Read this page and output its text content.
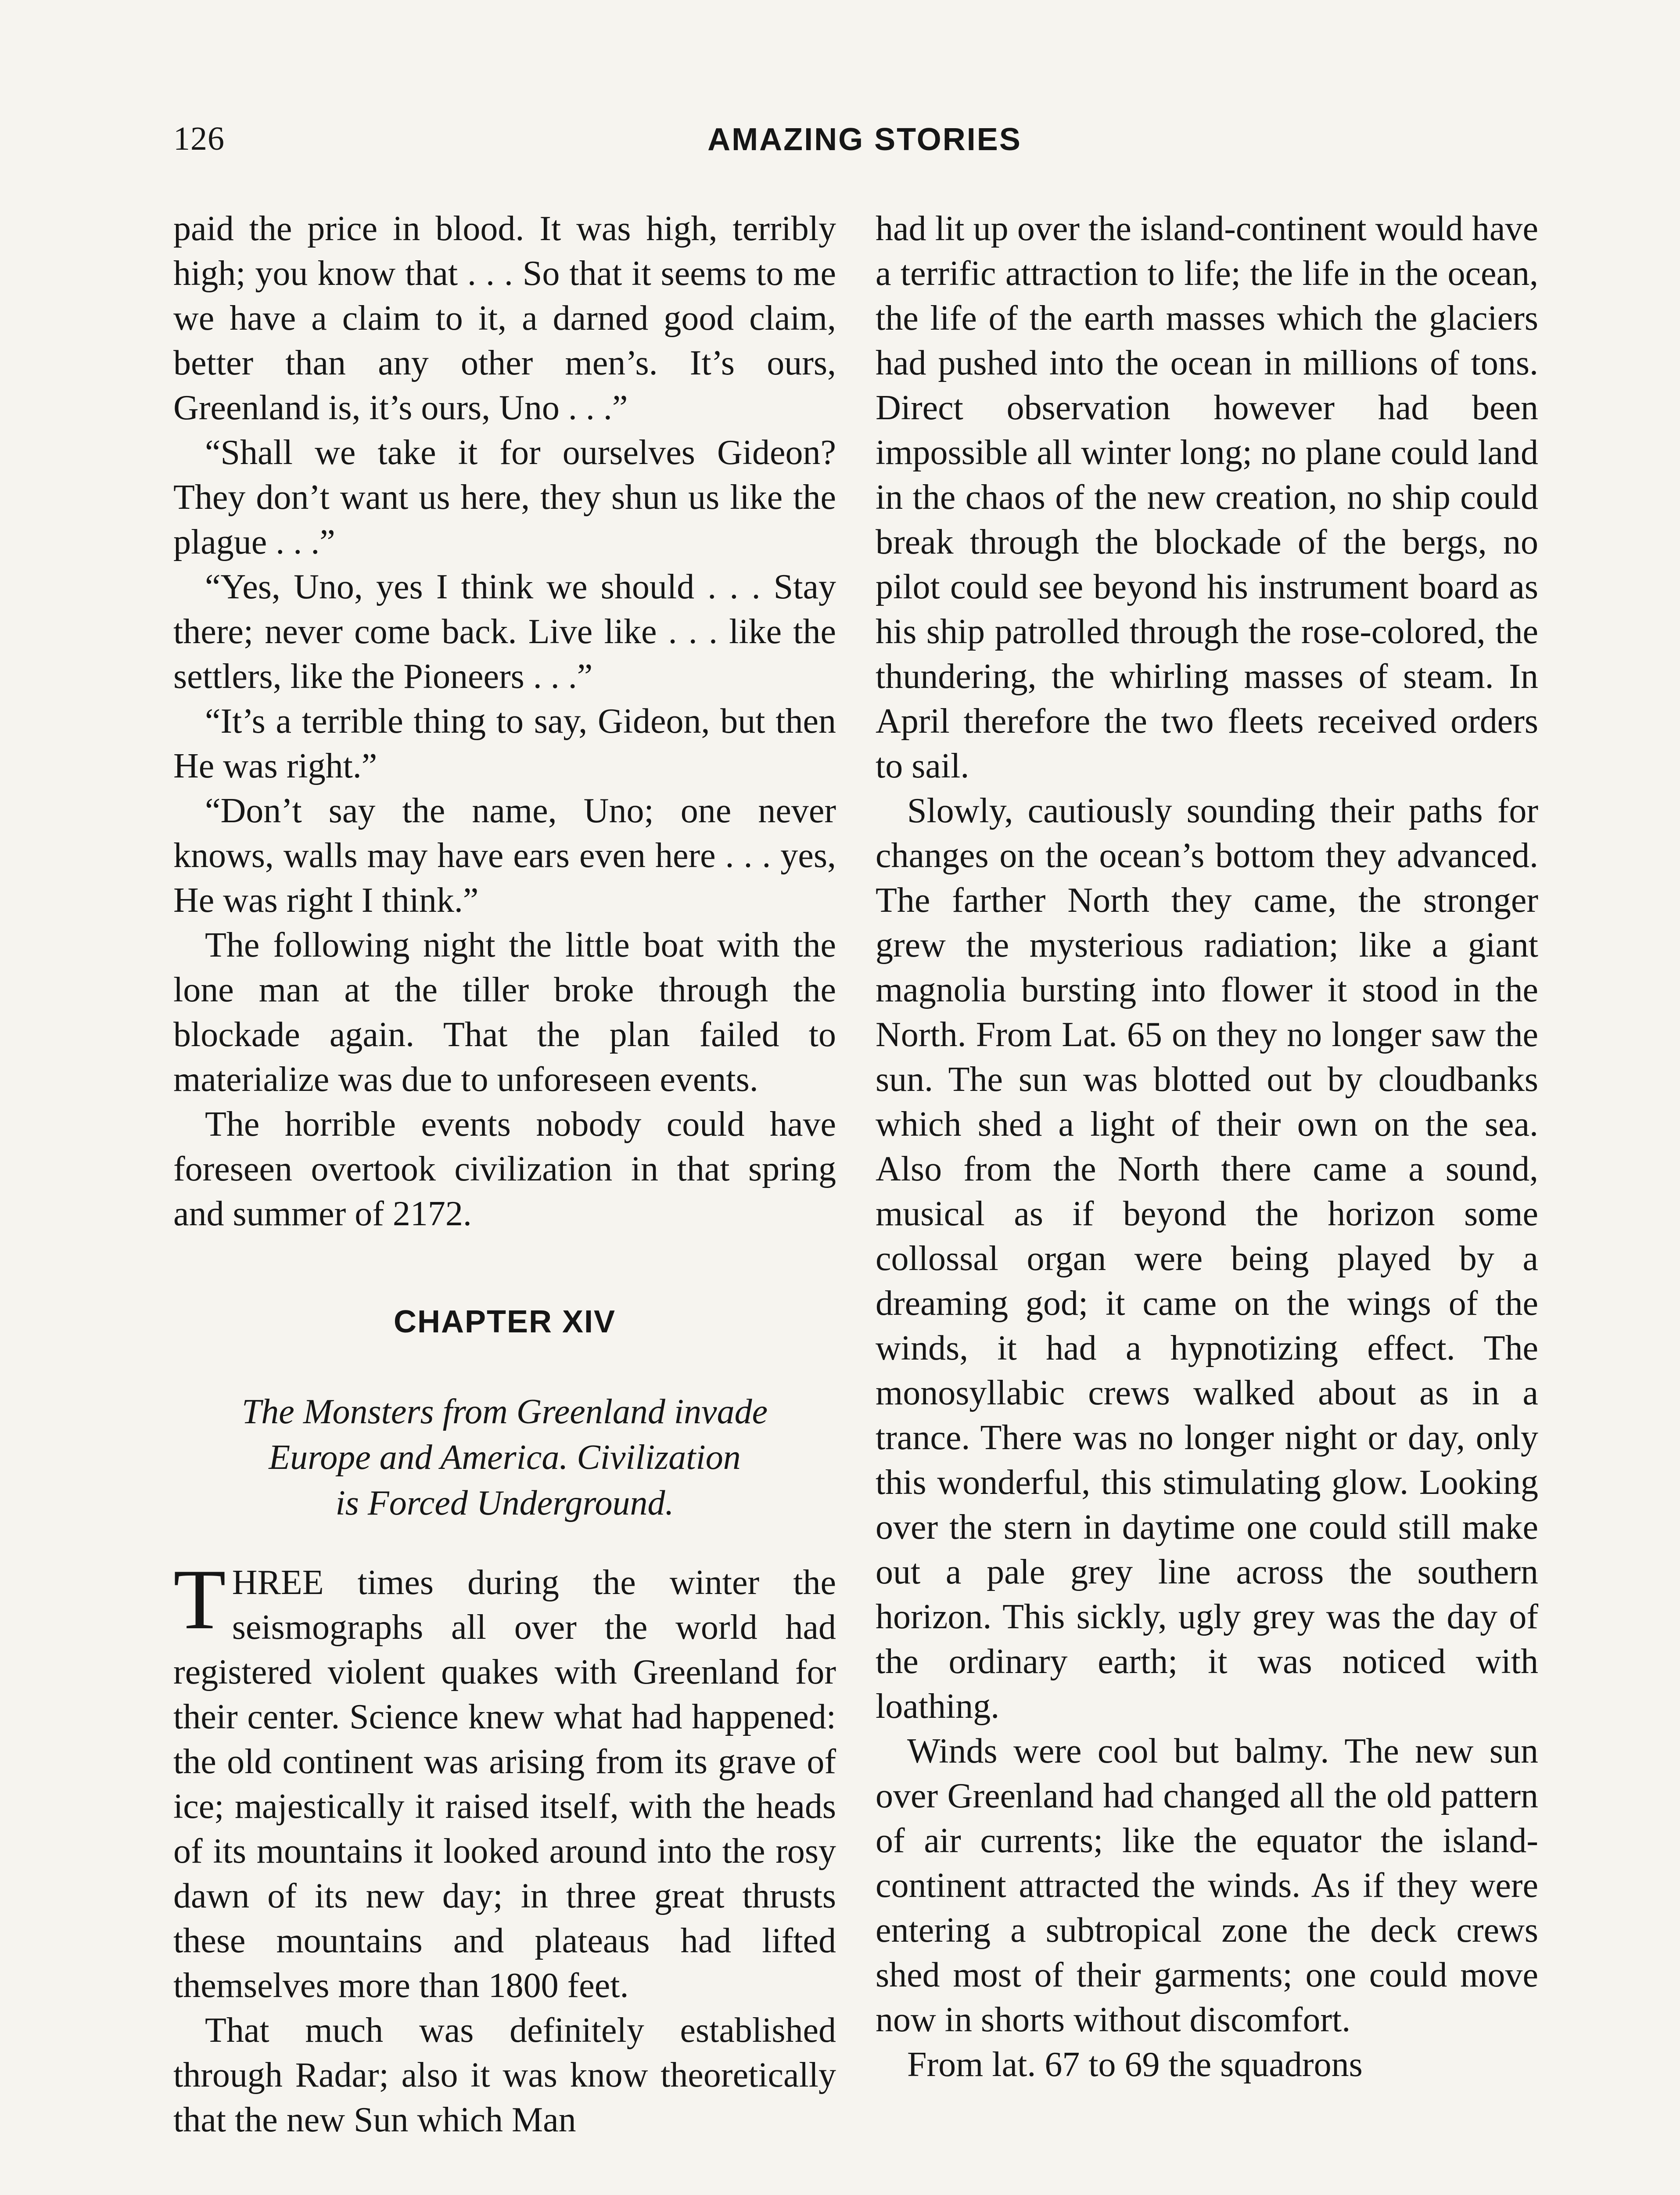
126	AMAZING STORIES

paid the price in blood. It was high, terribly high; you know that . . . So that it seems to me we have a claim to it, a darned good claim, better than any other men’s. It’s ours, Greenland is, it’s ours, Uno . . .”

“Shall we take it for ourselves Gideon? They don’t want us here, they shun us like the plague . . .”

“Yes, Uno, yes I think we should . . . Stay there; never come back. Live like . . . like the settlers, like the Pioneers . . .”

“It’s a terrible thing to say, Gideon, but then He was right.”

“Don’t say the name, Uno; one never knows, walls may have ears even here . . . yes, He was right I think.”

The following night the little boat with the lone man at the tiller broke through the blockade again. That the plan failed to materialize was due to unforeseen events.

The horrible events nobody could have foreseen overtook civilization in that spring and summer of 2172.

CHAPTER XIV
The Monsters from Greenland invade
Europe and America. Civilization
is Forced Underground.

THREE times during the winter the seismographs all over the world had registered violent quakes with Greenland for their center. Science knew what had happened: the old continent was arising from its grave of ice; majestically it raised itself, with the heads of its mountains it looked around into the rosy dawn of its new day; in three great thrusts these mountains and plateaus had lifted themselves more than 1800 feet.

That much was definitely established through Radar; also it was know theoretically that the new Sun which Man

had lit up over the island-continent would have a terrific attraction to life; the life in the ocean, the life of the earth masses which the glaciers had pushed into the ocean in millions of tons. Direct observation however had been impossible all winter long; no plane could land in the chaos of the new creation, no ship could break through the blockade of the bergs, no pilot could see beyond his instrument board as his ship patrolled through the rose-colored, the thundering, the whirling masses of steam. In April therefore the two fleets received orders to sail.

Slowly, cautiously sounding their paths for changes on the ocean’s bottom they advanced. The farther North they came, the stronger grew the mysterious radiation; like a giant magnolia bursting into flower it stood in the North. From Lat. 65 on they no longer saw the sun. The sun was blotted out by cloudbanks which shed a light of their own on the sea. Also from the North there came a sound, musical as if beyond the horizon some collossal organ were being played by a dreaming god; it came on the wings of the winds, it had a hypnotizing effect. The monosyllabic crews walked about as in a trance. There was no longer night or day, only this wonderful, this stimulating glow. Looking over the stern in daytime one could still make out a pale grey line across the southern horizon. This sickly, ugly grey was the day of the ordinary earth; it was noticed with loathing.

Winds were cool but balmy. The new sun over Greenland had changed all the old pattern of air currents; like the equator the island-continent attracted the winds. As if they were entering a subtropical zone the deck crews shed most of their garments; one could move now in shorts without discomfort.

From lat. 67 to 69 the squadrons
